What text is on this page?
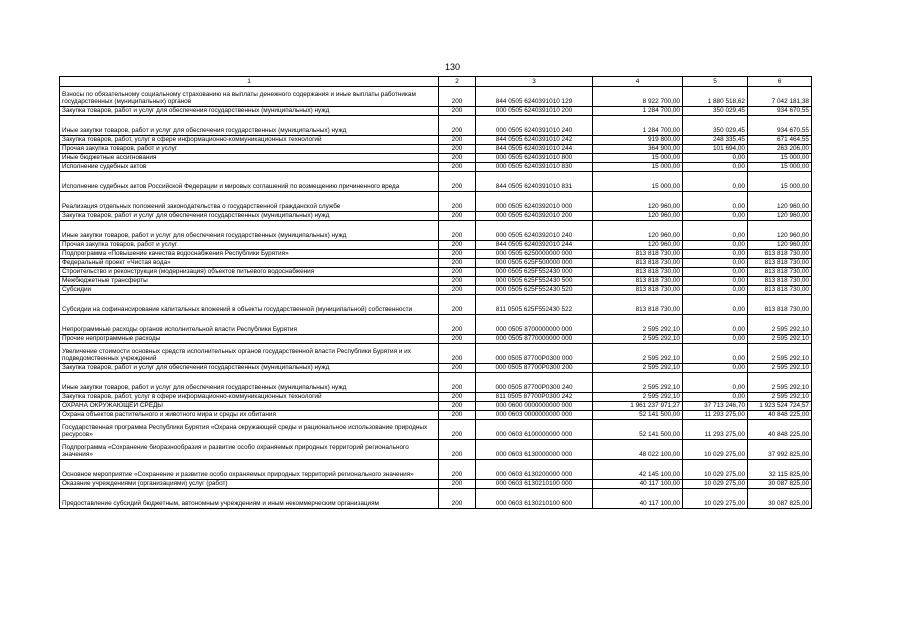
130
1	2	3	4	5	6
Взносы по обязательному социальному страхованию на выплаты денежного содержания и иные выплаты работникам государственных (муниципальных) органов	200	844 0505 6240391010 129	8 922 700,00	1 880 518,62	7 042 181,38
Закупка товаров, работ и услуг для обеспечения государственных (муниципальных) нужд	200	000 0505 6240391010 200	1 284 700,00	350 029,45	934 670,55
Иные закупки товаров, работ и услуг для обеспечения государственных (муниципальных) нужд	200	000 0505 6240391010 240	1 284 700,00	350 029,45	934 670,55
Закупка товаров, работ, услуг в сфере информационно-коммуникационных технологий	200	844 0505 6240391010 242	919 800,00	248 335,45	671 464,55
Прочая закупка товаров, работ и услуг	200	844 0505 6240391010 244	364 900,00	101 694,00	263 206,00
Иные бюджетные ассигнования	200	000 0505 6240391010 800	15 000,00	0,00	15 000,00
Исполнение судебных актов	200	000 0505 6240391010 830	15 000,00	0,00	15 000,00
Исполнение судебных актов Российской Федерации и мировых соглашений по возмещению причиненного вреда	200	844 0505 6240391010 831	15 000,00	0,00	15 000,00
Реализация отдельных положений законодательства о государственной гражданской службе	200	000 0505 6240392010 000	120 960,00	0,00	120 960,00
Закупка товаров, работ и услуг для обеспечения государственных (муниципальных) нужд	200	000 0505 6240392010 200	120 960,00	0,00	120 960,00
Иные закупки товаров, работ и услуг для обеспечения государственных (муниципальных) нужд	200	000 0505 6240392010 240	120 960,00	0,00	120 960,00
Прочая закупка товаров, работ и услуг	200	844 0505 6240392010 244	120 960,00	0,00	120 960,00
Подпрограмма «Повышение качества водоснабжения Республики Бурятия»	200	000 0505 6250000000 000	813 818 730,00	0,00	813 818 730,00
Федеральный проект «Чистая вода»	200	000 0505 625F500000 000	813 818 730,00	0,00	813 818 730,00
Строительство и реконструкция (модернизация) объектов питьевого водоснабжения	200	000 0505 625F552430 000	813 818 730,00	0,00	813 818 730,00
Межбюджетные трансферты	200	000 0505 625F552430 500	813 818 730,00	0,00	813 818 730,00
Субсидии	200	000 0505 625F552430 520	813 818 730,00	0,00	813 818 730,00
Субсидии на софинансирование капитальных вложений в объекты государственной (муниципальной) собственности	200	811 0505 625F552430 522	813 818 730,00	0,00	813 818 730,00
Непрограммные расходы органов исполнительной власти Республики Бурятия	200	000 0505 8700000000 000	2 595 292,10	0,00	2 595 292,10
Прочие непрограммные расходы	200	000 0505 8770000000 000	2 595 292,10	0,00	2 595 292,10
Увеличение стоимости основных средств исполнительных органов государственной власти Республики Бурятия и их подведомственных учреждений	200	000 0505 87700P0300 000	2 595 292,10	0,00	2 595 292,10
Закупка товаров, работ и услуг для обеспечения государственных (муниципальных) нужд	200	000 0505 87700P0300 200	2 595 292,10	0,00	2 595 292,10
Иные закупки товаров, работ и услуг для обеспечения государственных (муниципальных) нужд	200	000 0505 87700P0300 240	2 595 292,10	0,00	2 595 292,10
Закупка товаров, работ, услуг в сфере информационно-коммуникационных технологий	200	811 0505 87700P0300 242	2 595 292,10	0,00	2 595 292,10
ОХРАНА ОКРУЖАЮЩЕЙ СРЕДЫ	200	000 0600 0000000000 000	1 961 237 971,27	37 713 246,70	1 923 524 724,57
Охрана объектов растительного и животного мира и среды их обитания	200	000 0603 0000000000 000	52 141 500,00	11 293 275,00	40 848 225,00
Государственная программа Республики Бурятия «Охрана окружающей среды и рациональное использование природных ресурсов»	200	000 0603 6100000000 000	52 141 500,00	11 293 275,00	40 848 225,00
Подпрограмма «Сохранение биоразнообразия и развитие особо охраняемых природных территорий регионального значения»	200	000 0603 6130000000 000	48 022 100,00	10 029 275,00	37 992 825,00
Основное мероприятие «Сохранение и развитие особо охраняемых природных территорий регионального значения»	200	000 0603 6130200000 000	42 145 100,00	10 029 275,00	32 115 825,00
Оказание учреждениями (организациями) услуг (работ)	200	000 0603 6130210100 000	40 117 100,00	10 029 275,00	30 087 825,00
Предоставление субсидий бюджетным, автономным учреждениям и иным некоммерческим организациям	200	000 0603 6130210100 600	40 117 100,00	10 029 275,00	30 087 825,00
